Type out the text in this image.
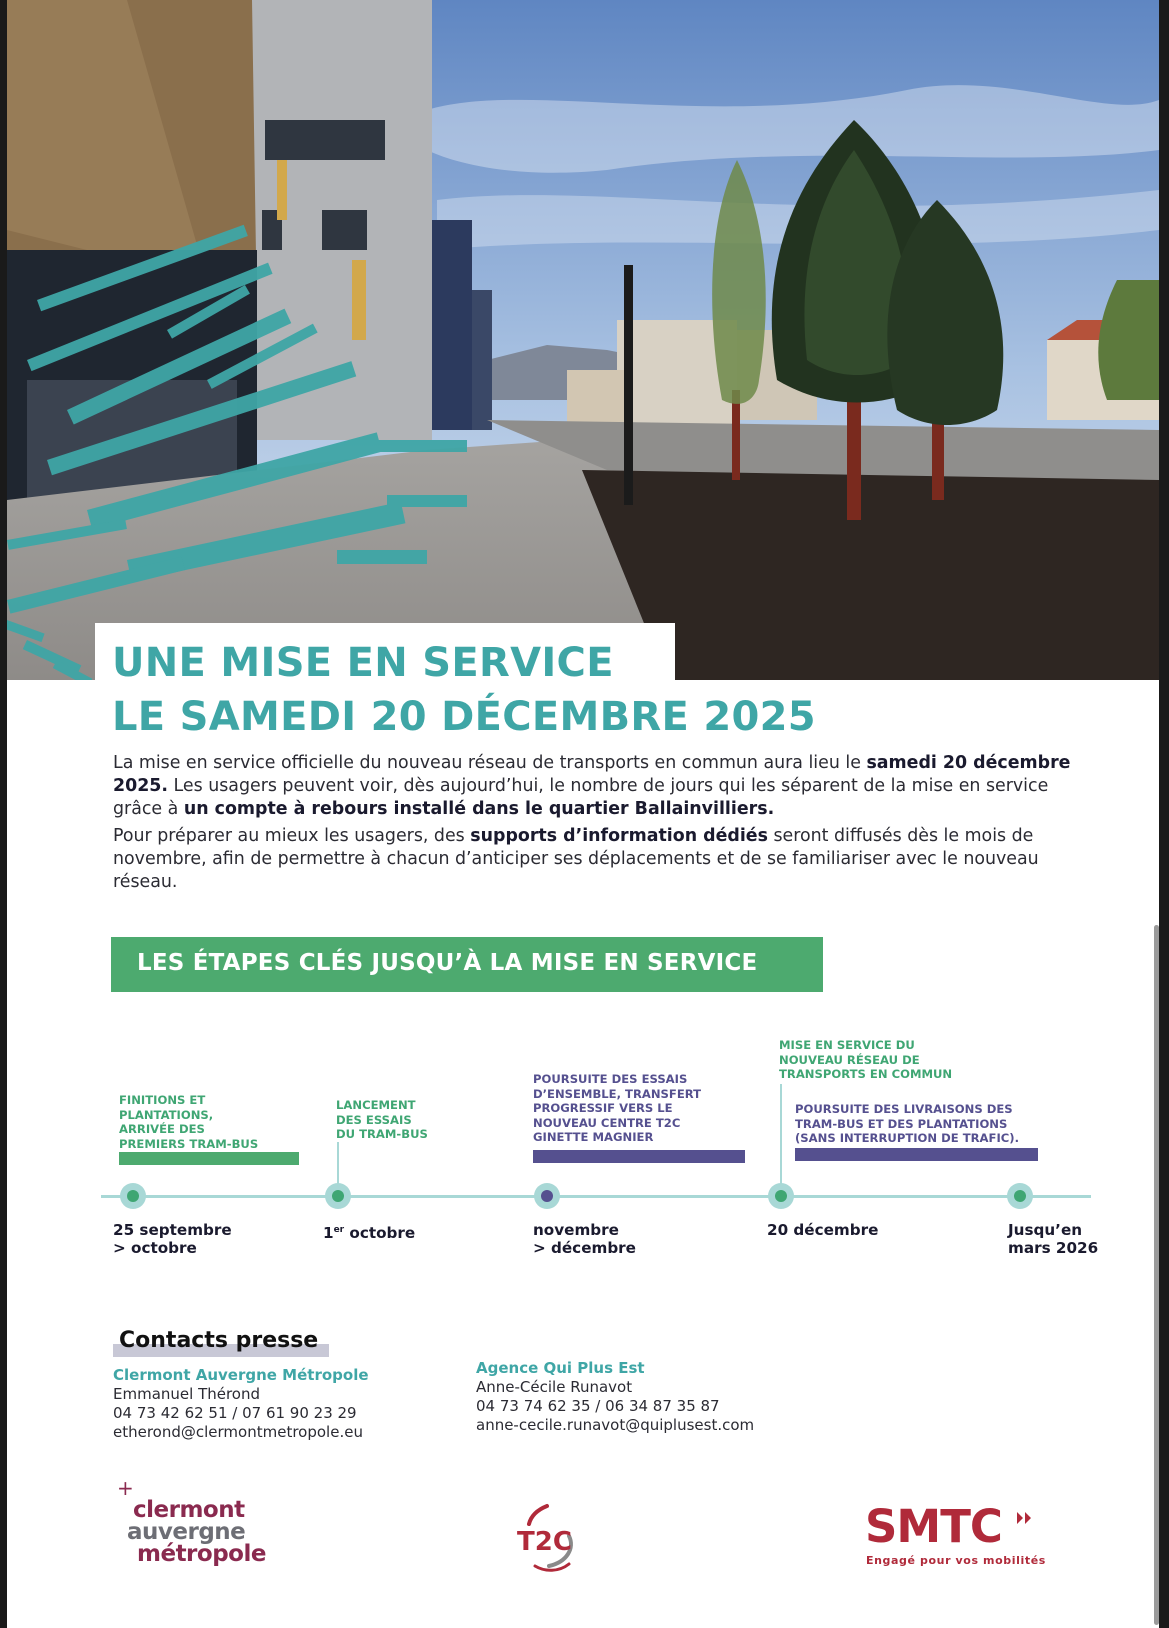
UNE MISE EN SERVICE
LE SAMEDI 20 DÉCEMBRE 2025

La mise en service officielle du nouveau réseau de transports en commun aura lieu le samedi 20 décembre 2025. Les usagers peuvent voir, dès aujourd’hui, le nombre de jours qui les séparent de la mise en service grâce à un compte à rebours installé dans le quartier Ballainvilliers.

Pour préparer au mieux les usagers, des supports d’information dédiés seront diffusés dès le mois de novembre, afin de permettre à chacun d’anticiper ses déplacements et de se familiariser avec le nouveau réseau.

LES ÉTAPES CLÉS JUSQU’À LA MISE EN SERVICE
FINITIONS ET
PLANTATIONS,
ARRIVÉE DES
PREMIERS TRAM-BUS
25 septembre
> octobre
LANCEMENT
DES ESSAIS
DU TRAM-BUS
1er octobre
POURSUITE DES ESSAIS
D’ENSEMBLE, TRANSFERT
PROGRESSIF VERS LE
NOUVEAU CENTRE T2C
GINETTE MAGNIER
novembre
> décembre
MISE EN SERVICE DU
NOUVEAU RÉSEAU DE
TRANSPORTS EN COMMUN
20 décembre
POURSUITE DES LIVRAISONS DES
TRAM-BUS ET DES PLANTATIONS
(SANS INTERRUPTION DE TRAFIC).
Jusqu’en
mars 2026
Contacts presse
Clermont Auvergne Métropole
Emmanuel Thérond
04 73 42 62 51 / 07 61 90 23 29
etherond@clermontmetropole.eu
Agence Qui Plus Est
Anne-Cécile Runavot
04 73 74 62 35 / 06 34 87 35 87
anne-cecile.runavot@quiplusest.com
+
clermont
auvergne
métropole	T2C	SMTC
Engagé pour vos mobilités
